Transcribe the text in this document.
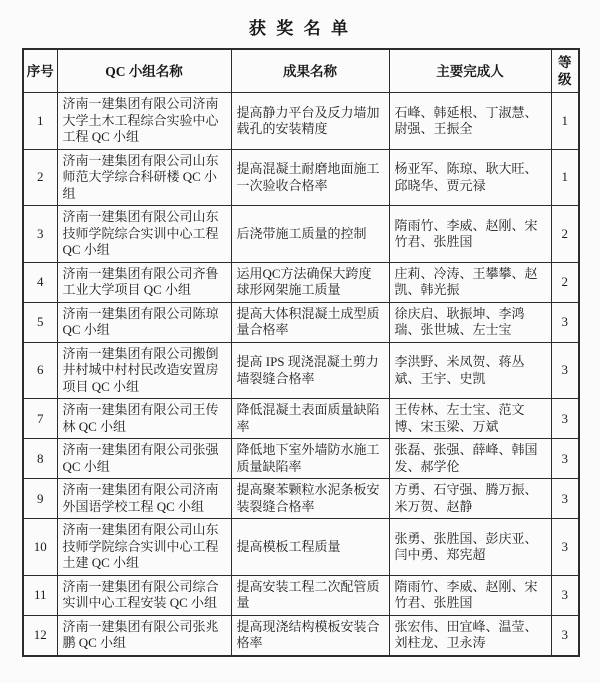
获 奖 名 单
序号	QC 小组名称	成果名称	主要完成人	等级
1	济南一建集团有限公司济南大学土木工程综合实验中心工程 QC 小组	提高静力平台及反力墙加载孔的安装精度	石峰、韩延根、丁淑慧、尉强、王振全	1
2	济南一建集团有限公司山东师范大学综合科研楼 QC 小组	提高混凝土耐磨地面施工一次验收合格率	杨亚军、陈琼、耿大旺、邱晓华、贾元禄	1
3	济南一建集团有限公司山东技师学院综合实训中心工程 QC 小组	后浇带施工质量的控制	隋雨竹、李威、赵刚、宋竹君、张胜国	2
4	济南一建集团有限公司齐鲁工业大学项目 QC 小组	运用QC方法确保大跨度球形网架施工质量	庄莉、冷涛、王攀攀、赵凯、韩光振	2
5	济南一建集团有限公司陈琼 QC 小组	提高大体积混凝土成型质量合格率	徐庆启、耿振坤、李鸿瑞、张世城、左士宝	3
6	济南一建集团有限公司搬倒井村城中村村民改造安置房项目 QC 小组	提高 IPS 现浇混凝土剪力墙裂缝合格率	李洪野、米凤贺、蒋丛斌、王宇、史凯	3
7	济南一建集团有限公司王传林 QC 小组	降低混凝土表面质量缺陷率	王传林、左士宝、范文博、宋玉梁、万斌	3
8	济南一建集团有限公司张强 QC 小组	降低地下室外墙防水施工质量缺陷率	张磊、张强、薛峰、韩国发、郝学伦	3
9	济南一建集团有限公司济南外国语学校工程 QC 小组	提高聚苯颗粒水泥条板安装裂缝合格率	方勇、石守强、腾万振、米万贺、赵静	3
10	济南一建集团有限公司山东技师学院综合实训中心工程土建 QC 小组	提高模板工程质量	张勇、张胜国、彭庆亚、闫中勇、郑宪超	3
11	济南一建集团有限公司综合实训中心工程安装 QC 小组	提高安装工程二次配管质量	隋雨竹、李威、赵刚、宋竹君、张胜国	3
12	济南一建集团有限公司张兆鹏 QC 小组	提高现浇结构模板安装合格率	张宏伟、田宜峰、温莹、刘柱龙、卫永涛	3
